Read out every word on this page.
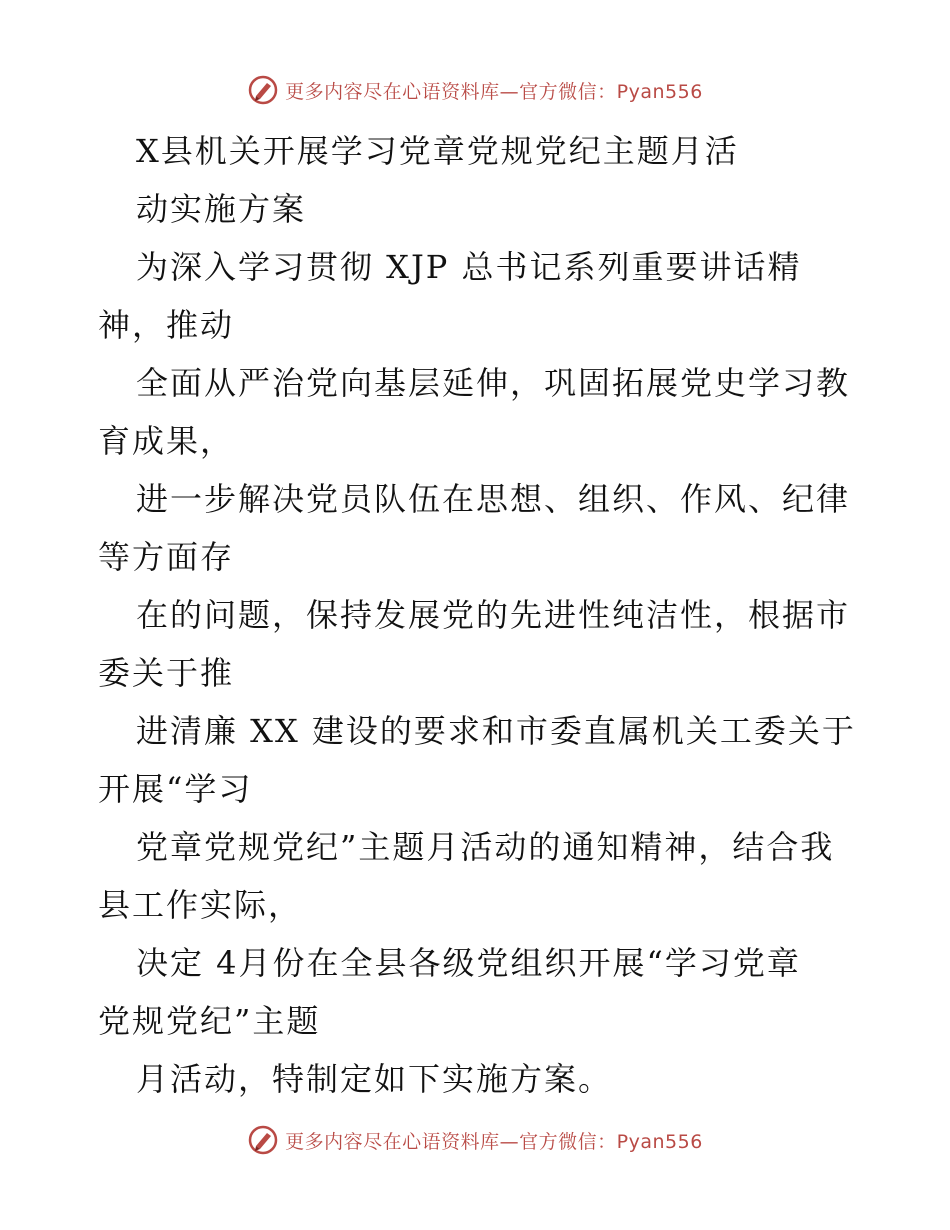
更多内容尽在心语资料库—官方微信：Pyan556
X县机关开展学习党章党规党纪主题月活
动实施方案
为深入学习贯彻 XJP 总书记系列重要讲话精
神，推动
全面从严治党向基层延伸，巩固拓展党史学习教
育成果，
进一步解决党员队伍在思想、组织、作风、纪律
等方面存
在的问题，保持发展党的先进性纯洁性，根据市
委关于推
进清廉 XX 建设的要求和市委直属机关工委关于
开展“学习
党章党规党纪”主题月活动的通知精神，结合我
县工作实际，
决定 4月份在全县各级党组织开展“学习党章
党规党纪”主题
月活动，特制定如下实施方案。
更多内容尽在心语资料库—官方微信：Pyan556
